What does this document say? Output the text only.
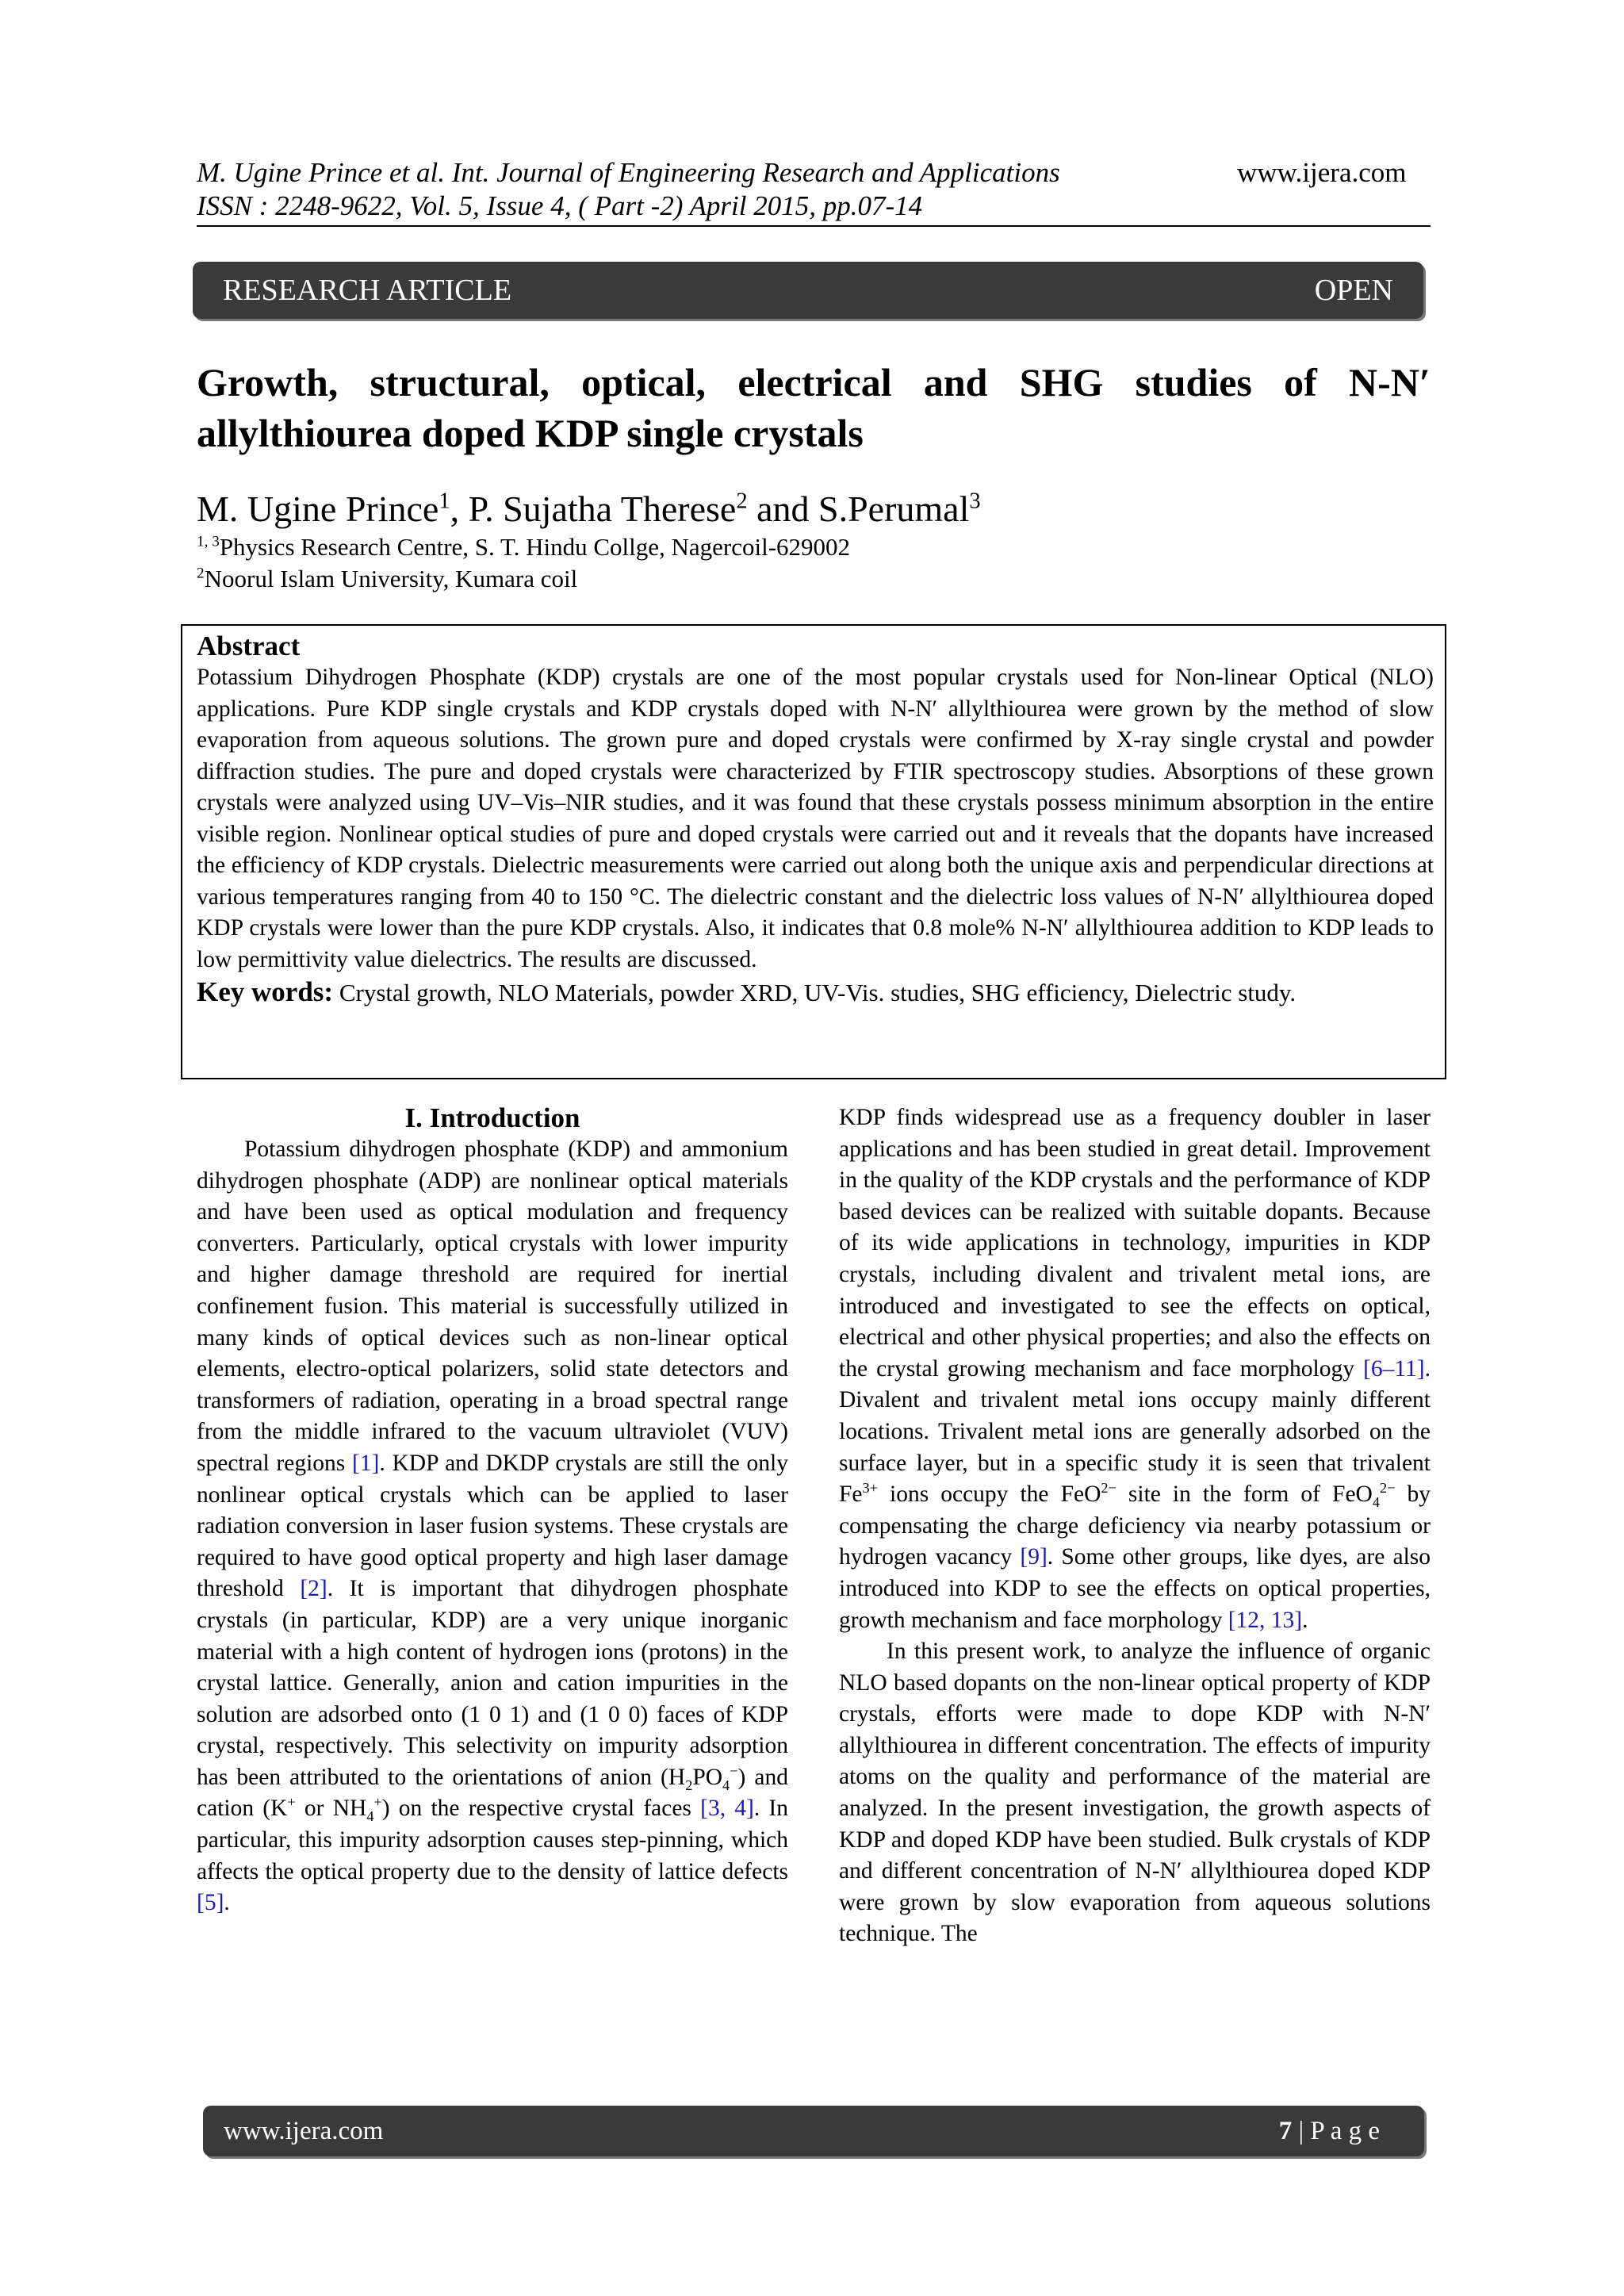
M. Ugine Prince et al. Int. Journal of Engineering Research and Applications	www.ijera.com
ISSN : 2248-9622, Vol. 5, Issue 4, ( Part -2) April 2015, pp.07-14
RESEARCH ARTICLE	OPEN
Growth, structural, optical, electrical and SHG studies of N-N′
allylthiourea doped KDP single crystals
M. Ugine Prince$^1$, P. Sujatha Therese$^2$ and S.Perumal$^3$
$^{1, 3}$Physics Research Centre, S. T. Hindu Collge, Nagercoil-629002
$^2$Noorul Islam University, Kumara coil
Abstract

Potassium Dihydrogen Phosphate (KDP) crystals are one of the most popular crystals used for Non-linear Optical (NLO) applications. Pure KDP single crystals and KDP crystals doped with N-N′ allylthiourea were grown by the method of slow evaporation from aqueous solutions. The grown pure and doped crystals were confirmed by X-ray single crystal and powder diffraction studies. The pure and doped crystals were characterized by FTIR spectroscopy studies. Absorptions of these grown crystals were analyzed using UV–Vis–NIR studies, and it was found that these crystals possess minimum absorption in the entire visible region. Nonlinear optical studies of pure and doped crystals were carried out and it reveals that the dopants have increased the efficiency of KDP crystals. Dielectric measurements were carried out along both the unique axis and perpendicular directions at various temperatures ranging from 40 to 150 °C. The dielectric constant and the dielectric loss values of N-N′ allylthiourea doped KDP crystals were lower than the pure KDP crystals. Also, it indicates that 0.8 mole% N-N′ allylthiourea addition to KDP leads to low permittivity value dielectrics. The results are discussed.

Key words: Crystal growth, NLO Materials, powder XRD, UV-Vis. studies, SHG efficiency, Dielectric study.

I. Introduction

Potassium dihydrogen phosphate (KDP) and ammonium dihydrogen phosphate (ADP) are nonlinear optical materials and have been used as optical modulation and frequency converters. Particularly, optical crystals with lower impurity and higher damage threshold are required for inertial confinement fusion. This material is successfully utilized in many kinds of optical devices such as non-linear optical elements, electro-optical polarizers, solid state detectors and transformers of radiation, operating in a broad spectral range from the middle infrared to the vacuum ultraviolet (VUV) spectral regions [1]. KDP and DKDP crystals are still the only nonlinear optical crystals which can be applied to laser radiation conversion in laser fusion systems. These crystals are required to have good optical property and high laser damage threshold [2]. It is important that dihydrogen phosphate crystals (in particular, KDP) are a very unique inorganic material with a high content of hydrogen ions (protons) in the crystal lattice. Generally, anion and cation impurities in the solution are adsorbed onto (1 0 1) and (1 0 0) faces of KDP crystal, respectively. This selectivity on impurity adsorption has been attributed to the orientations of anion $(H_2PO_4^-)$ and cation (K+ or $NH_4^+$) on the respective crystal faces [3, 4]. In particular, this impurity adsorption causes step-pinning, which affects the optical property due to the density of lattice defects [5].

KDP finds widespread use as a frequency doubler in laser applications and has been studied in great detail. Improvement in the quality of the KDP crystals and the performance of KDP based devices can be realized with suitable dopants. Because of its wide applications in technology, impurities in KDP crystals, including divalent and trivalent metal ions, are introduced and investigated to see the effects on optical, electrical and other physical properties; and also the effects on the crystal growing mechanism and face morphology [6–11]. Divalent and trivalent metal ions occupy mainly different locations. Trivalent metal ions are generally adsorbed on the surface layer, but in a specific study it is seen that trivalent $Fe^{3+}$ ions occupy the FeO$^{2-}$ site in the form of FeO$_4^{2-}$ by compensating the charge deficiency via nearby potassium or hydrogen vacancy [9]. Some other groups, like dyes, are also introduced into KDP to see the effects on optical properties, growth mechanism and face morphology [12, 13].

In this present work, to analyze the influence of organic NLO based dopants on the non-linear optical property of KDP crystals, efforts were made to dope KDP with N-N′ allylthiourea in different concentration. The effects of impurity atoms on the quality and performance of the material are analyzed. In the present investigation, the growth aspects of KDP and doped KDP have been studied. Bulk crystals of KDP and different concentration of N-N′ allylthiourea doped KDP were grown by slow evaporation from aqueous solutions technique. The

www.ijera.com	7 | P a g e
